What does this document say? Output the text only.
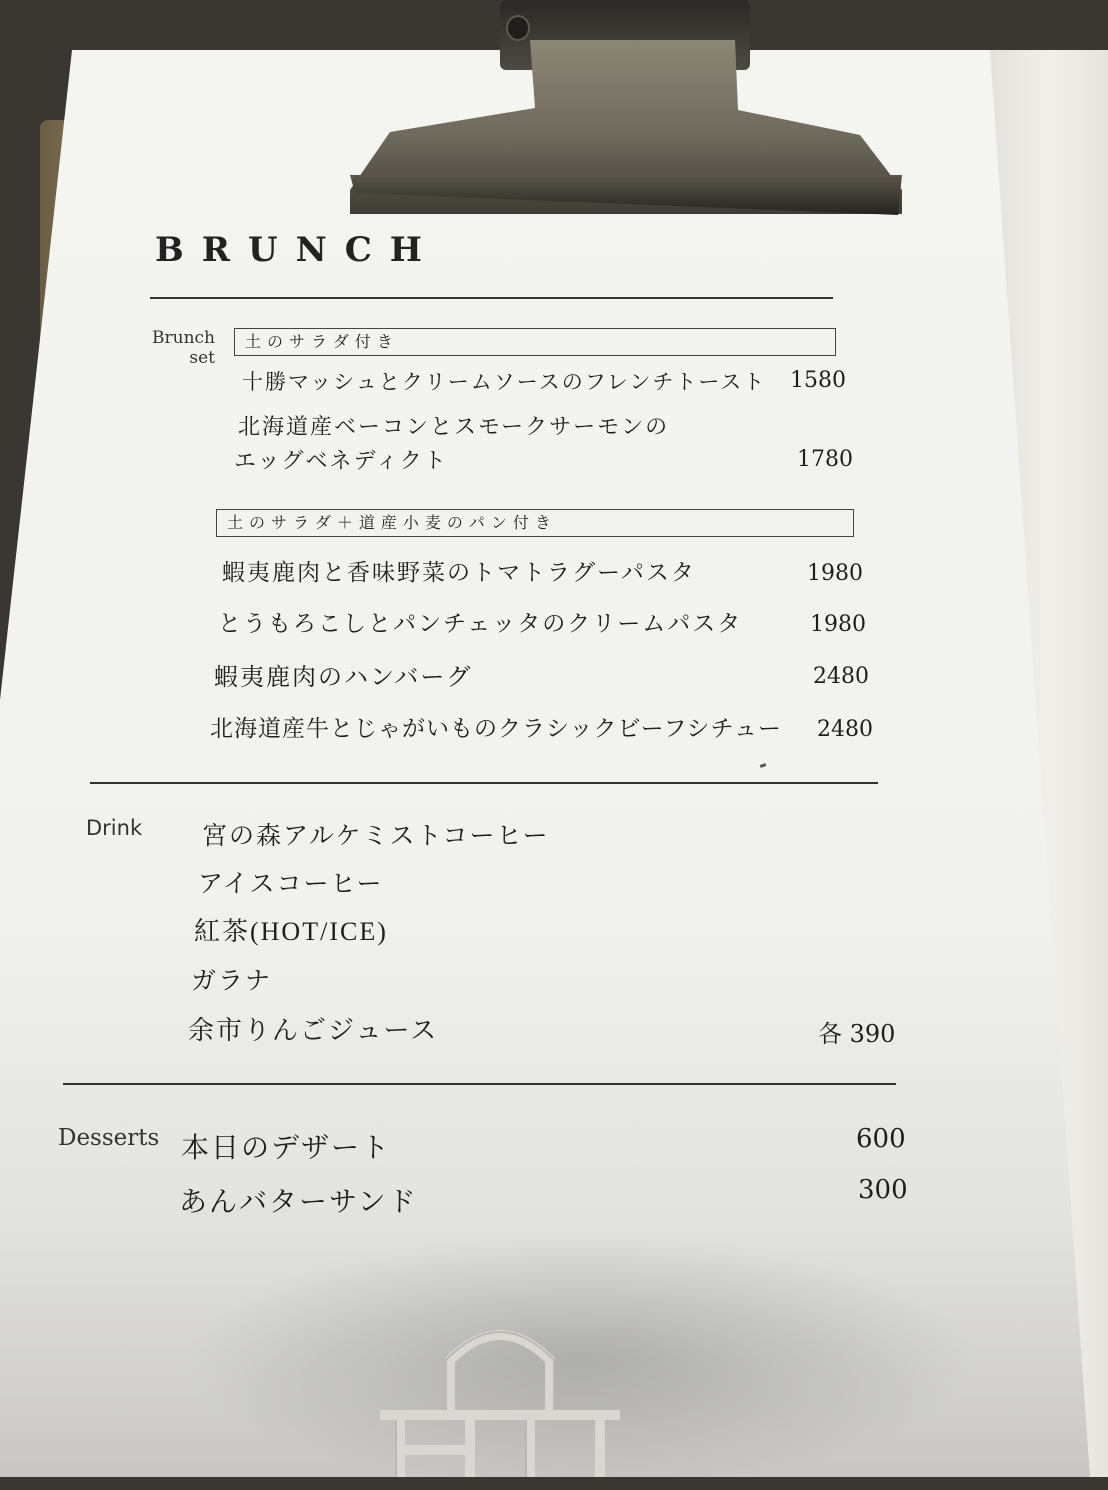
BRUNCH
Brunch set
土のサラダ付き
十勝マッシュとクリームソースのフレンチトースト 1580
北海道産ベーコンとスモークサーモンの
エッグベネディクト	1780
土のサラダ＋道産小麦のパン付き
蝦夷鹿肉と香味野菜のトマトラグーパスタ	1980
とうもろこしとパンチェッタのクリームパスタ	1980
蝦夷鹿肉のハンバーグ	2480
北海道産牛とじゃがいものクラシックビーフシチュー 2480
Drink 宮の森アルケミストコーヒー
アイスコーヒー
紅茶(HOT/ICE)
ガラナ
余市りんごジュース	各 390
Desserts 本日のデザート	600
あんバターサンド	300
